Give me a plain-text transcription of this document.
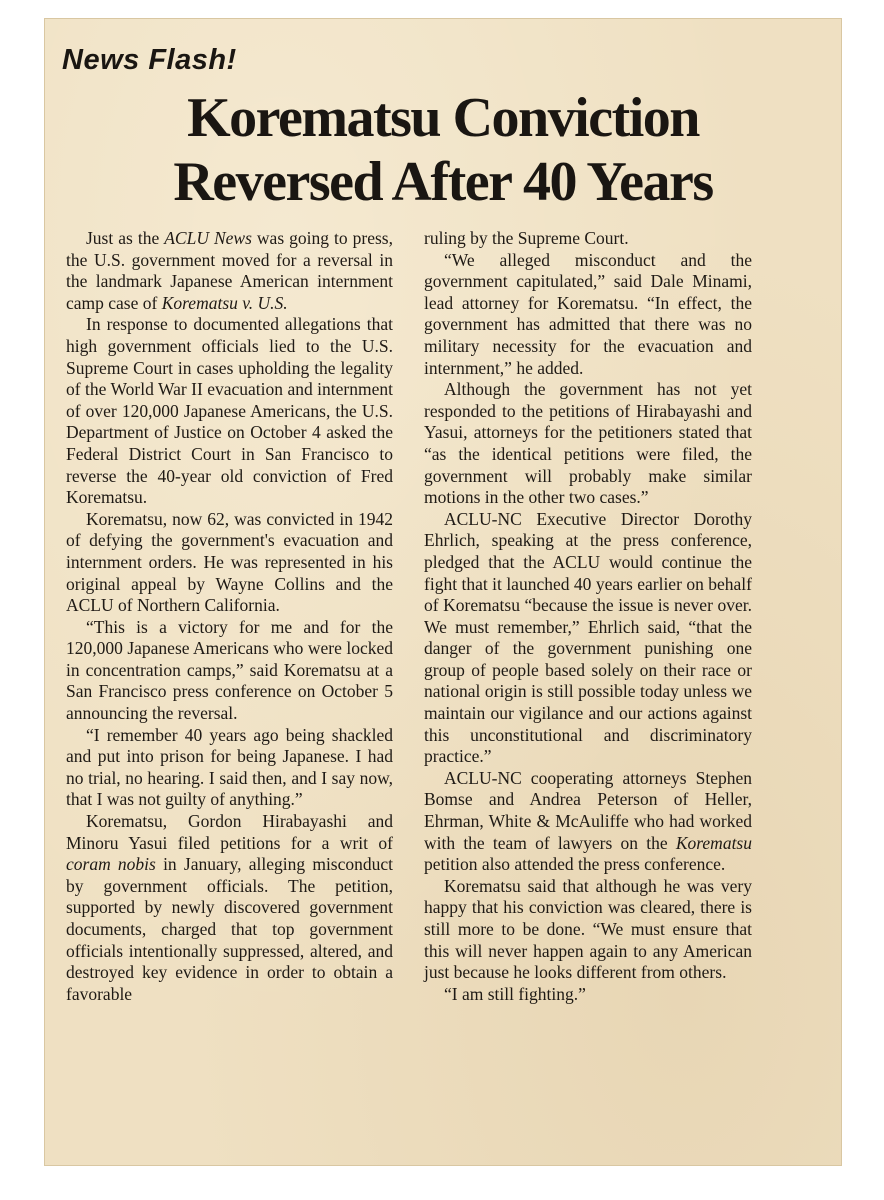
News Flash!
Korematsu Conviction
Reversed After 40 Years

Just as the ACLU News was going to press, the U.S. government moved for a reversal in the landmark Japanese American internment camp case of Korematsu v. U.S.

In response to documented allegations that high government officials lied to the U.S. Supreme Court in cases upholding the legality of the World War II evacuation and internment of over 120,000 Japanese Americans, the U.S. Department of Justice on October 4 asked the Federal District Court in San Francisco to reverse the 40-year old conviction of Fred Korematsu.

Korematsu, now 62, was convicted in 1942 of defying the government's evacuation and internment orders. He was represented in his original appeal by Wayne Collins and the ACLU of Northern California.

“This is a victory for me and for the 120,000 Japanese Americans who were locked in concentration camps,” said Korematsu at a San Francisco press conference on October 5 announcing the reversal.

“I remember 40 years ago being shackled and put into prison for being Japanese. I had no trial, no hearing. I said then, and I say now, that I was not guilty of anything.”

Korematsu, Gordon Hirabayashi and Minoru Yasui filed petitions for a writ of coram nobis in January, alleging misconduct by government officials. The petition, supported by newly discovered government documents, charged that top government officials intentionally suppressed, altered, and destroyed key evidence in order to obtain a favorable

ruling by the Supreme Court.

“We alleged misconduct and the government capitulated,” said Dale Minami, lead attorney for Korematsu. “In effect, the government has admitted that there was no military necessity for the evacuation and internment,” he added.

Although the government has not yet responded to the petitions of Hirabayashi and Yasui, attorneys for the petitioners stated that “as the identical petitions were filed, the government will probably make similar motions in the other two cases.”

ACLU-NC Executive Director Dorothy Ehrlich, speaking at the press conference, pledged that the ACLU would continue the fight that it launched 40 years earlier on behalf of Korematsu “because the issue is never over. We must remember,” Ehrlich said, “that the danger of the government punishing one group of people based solely on their race or national origin is still possible today unless we maintain our vigilance and our actions against this unconstitutional and discriminatory practice.”

ACLU-NC cooperating attorneys Stephen Bomse and Andrea Peterson of Heller, Ehrman, White & McAuliffe who had worked with the team of lawyers on the Korematsu petition also attended the press conference.

Korematsu said that although he was very happy that his conviction was cleared, there is still more to be done. “We must ensure that this will never happen again to any American just because he looks different from others.

“I am still fighting.”
